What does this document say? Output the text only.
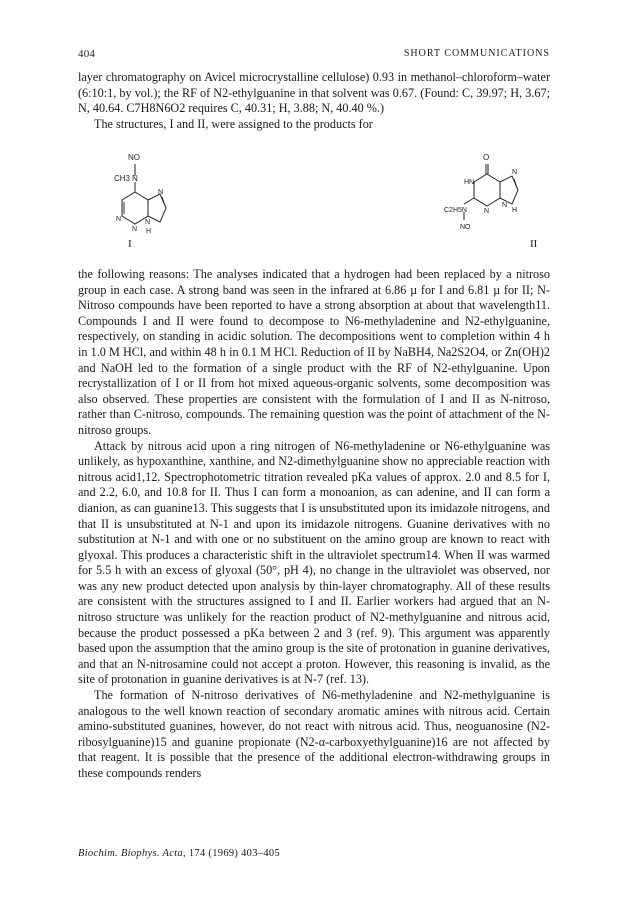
404	SHORT COMMUNICATIONS

layer chromatography on Avicel microcrystalline cellulose) 0.93 in methanol–chloroform–water (6:10:1, by vol.); the RF of N2-ethylguanine in that solvent was 0.67. (Found: C, 39.97; H, 3.67; N, 40.64. C7H8N6O2 requires C, 40.31; H, 3.88; N, 40.40 %.)

The structures, I and II, were assigned to the products for

NO
CH3 N
N
N
N
N
H
I
O
HN
C2H5N N
N
N
H
NO
II

the following reasons: The analyses indicated that a hydrogen had been replaced by a nitroso group in each case. A strong band was seen in the infrared at 6.86 µ for I and 6.81 µ for II; N-Nitroso compounds have been reported to have a strong absorption at about that wavelength11. Compounds I and II were found to decompose to N6-methyladenine and N2-ethylguanine, respectively, on standing in acidic solution. The decompositions went to completion within 4 h in 1.0 M HCl, and within 48 h in 0.1 M HCl. Reduction of II by NaBH4, Na2S2O4, or Zn(OH)2 and NaOH led to the formation of a single product with the RF of N2-ethylguanine. Upon recrystallization of I or II from hot mixed aqueous-organic solvents, some decomposition was also observed. These properties are consistent with the formulation of I and II as N-nitroso, rather than C-nitroso, compounds. The remaining question was the point of attachment of the N-nitroso groups.

Attack by nitrous acid upon a ring nitrogen of N6-methyladenine or N6-ethylguanine was unlikely, as hypoxanthine, xanthine, and N2-dimethylguanine show no appreciable reaction with nitrous acid1,12. Spectrophotometric titration revealed pKa values of approx. 2.0 and 8.5 for I, and 2.2, 6.0, and 10.8 for II. Thus I can form a monoanion, as can adenine, and II can form a dianion, as can guanine13. This suggests that I is unsubstituted upon its imidazole nitrogens, and that II is unsubstituted at N-1 and upon its imidazole nitrogens. Guanine derivatives with no substitution at N-1 and with one or no substituent on the amino group are known to react with glyoxal. This produces a characteristic shift in the ultraviolet spectrum14. When II was warmed for 5.5 h with an excess of glyoxal (50°, pH 4), no change in the ultraviolet was observed, nor was any new product detected upon analysis by thin-layer chromatography. All of these results are consistent with the structures assigned to I and II. Earlier workers had argued that an N-nitroso structure was unlikely for the reaction product of N2-methylguanine and nitrous acid, because the product possessed a pKa between 2 and 3 (ref. 9). This argument was apparently based upon the assumption that the amino group is the site of protonation in guanine derivatives, and that an N-nitrosamine could not accept a proton. However, this reasoning is invalid, as the site of protonation in guanine derivatives is at N-7 (ref. 13).

The formation of N-nitroso derivatives of N6-methyladenine and N2-methylguanine is analogous to the well known reaction of secondary aromatic amines with nitrous acid. Certain amino-substituted guanines, however, do not react with nitrous acid. Thus, neoguanosine (N2-ribosylguanine)15 and guanine propionate (N2-α-carboxyethylguanine)16 are not affected by that reagent. It is possible that the presence of the additional electron-withdrawing groups in these compounds renders

Biochim. Biophys. Acta, 174 (1969) 403–405
